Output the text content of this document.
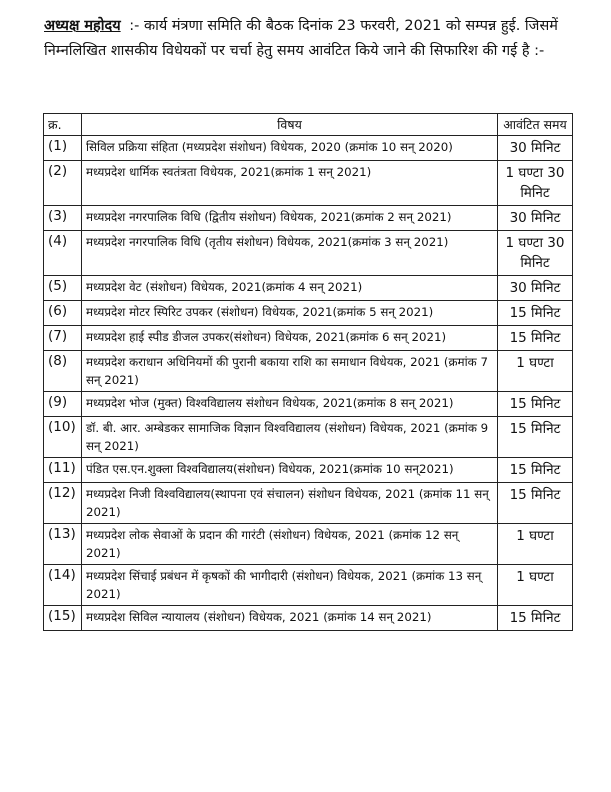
अध्यक्ष महोदय :- कार्य मंत्रणा समिति की बैठक दिनांक 23 फरवरी, 2021 को सम्पन्न हुई. जिसमें निम्नलिखित शासकीय विधेयकों पर चर्चा हेतु समय आवंटित किये जाने की सिफारिश की गई है :-
क्र.	विषय	आवंटित समय
(1)	सिविल प्रक्रिया संहिता (मध्यप्रदेश संशोधन) विधेयक, 2020 (क्रमांक 10 सन् 2020)	30 मिनिट
(2)	मध्यप्रदेश धार्मिक स्वतंत्रता विधेयक, 2021(क्रमांक 1 सन् 2021)	1 घण्टा 30 मिनिट
(3)	मध्यप्रदेश नगरपालिक विधि (द्वितीय संशोधन) विधेयक, 2021(क्रमांक 2 सन् 2021)	30 मिनिट
(4)	मध्यप्रदेश नगरपालिक विधि (तृतीय संशोधन) विधेयक, 2021(क्रमांक 3 सन् 2021)	1 घण्टा 30 मिनिट
(5)	मध्यप्रदेश वेट (संशोधन) विधेयक, 2021(क्रमांक 4 सन् 2021)	30 मिनिट
(6)	मध्यप्रदेश मोटर स्पिरिट उपकर (संशोधन) विधेयक, 2021(क्रमांक 5 सन् 2021)	15 मिनिट
(7)	मध्यप्रदेश हाई स्पीड डीजल उपकर(संशोधन) विधेयक, 2021(क्रमांक 6 सन् 2021)	15 मिनिट
(8)	मध्यप्रदेश कराधान अधिनियमों की पुरानी बकाया राशि का समाधान विधेयक, 2021 (क्रमांक 7 सन् 2021)	1 घण्टा
(9)	मध्यप्रदेश भोज (मुक्त) विश्वविद्यालय संशोधन विधेयक, 2021(क्रमांक 8 सन् 2021)	15 मिनिट
(10)	डॉ. बी. आर. अम्बेडकर सामाजिक विज्ञान विश्वविद्यालय (संशोधन) विधेयक, 2021 (क्रमांक 9 सन् 2021)	15 मिनिट
(11)	पंडित एस.एन.शुक्ला विश्वविद्यालय(संशोधन) विधेयक, 2021(क्रमांक 10 सन्2021)	15 मिनिट
(12)	मध्यप्रदेश निजी विश्वविद्यालय(स्थापना एवं संचालन) संशोधन विधेयक, 2021 (क्रमांक 11 सन् 2021)	15 मिनिट
(13)	मध्यप्रदेश लोक सेवाओं के प्रदान की गारंटी (संशोधन) विधेयक, 2021 (क्रमांक 12 सन् 2021)	1 घण्टा
(14)	मध्यप्रदेश सिंचाई प्रबंधन में कृषकों की भागीदारी (संशोधन) विधेयक, 2021 (क्रमांक 13 सन् 2021)	1 घण्टा
(15)	मध्यप्रदेश सिविल न्यायालय (संशोधन) विधेयक, 2021 (क्रमांक 14 सन् 2021)	15 मिनिट
